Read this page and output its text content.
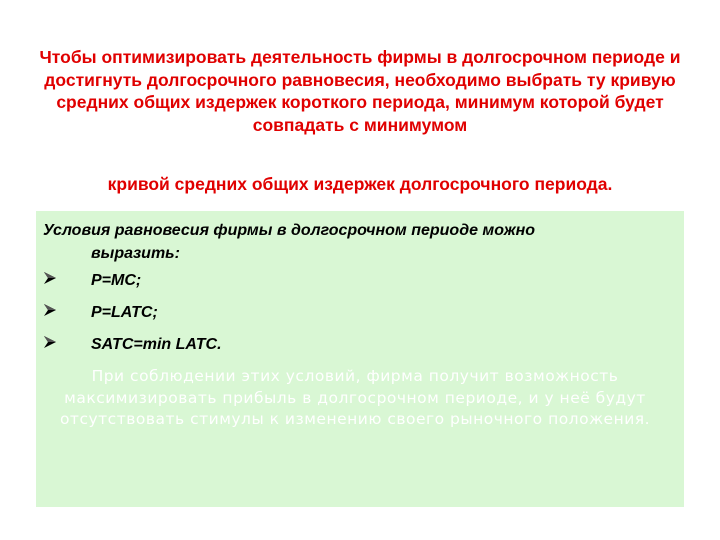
Чтобы оптимизировать деятельность фирмы в долгосрочном периоде и достигнуть долгосрочного равновесия, необходимо выбрать ту кривую средних общих издержек короткого периода, минимум которой будет совпадать с минимумом

кривой средних общих издержек долгосрочного периода.

Условия равновесия фирмы в долгосрочном периоде можно
выразить:

P=MC;
P=LATC;
SATC=min LATC.

При соблюдении этих условий, фирма получит возможность максимизировать прибыль в долгосрочном периоде, и у неё будут отсутствовать стимулы к изменению своего рыночного положения.
